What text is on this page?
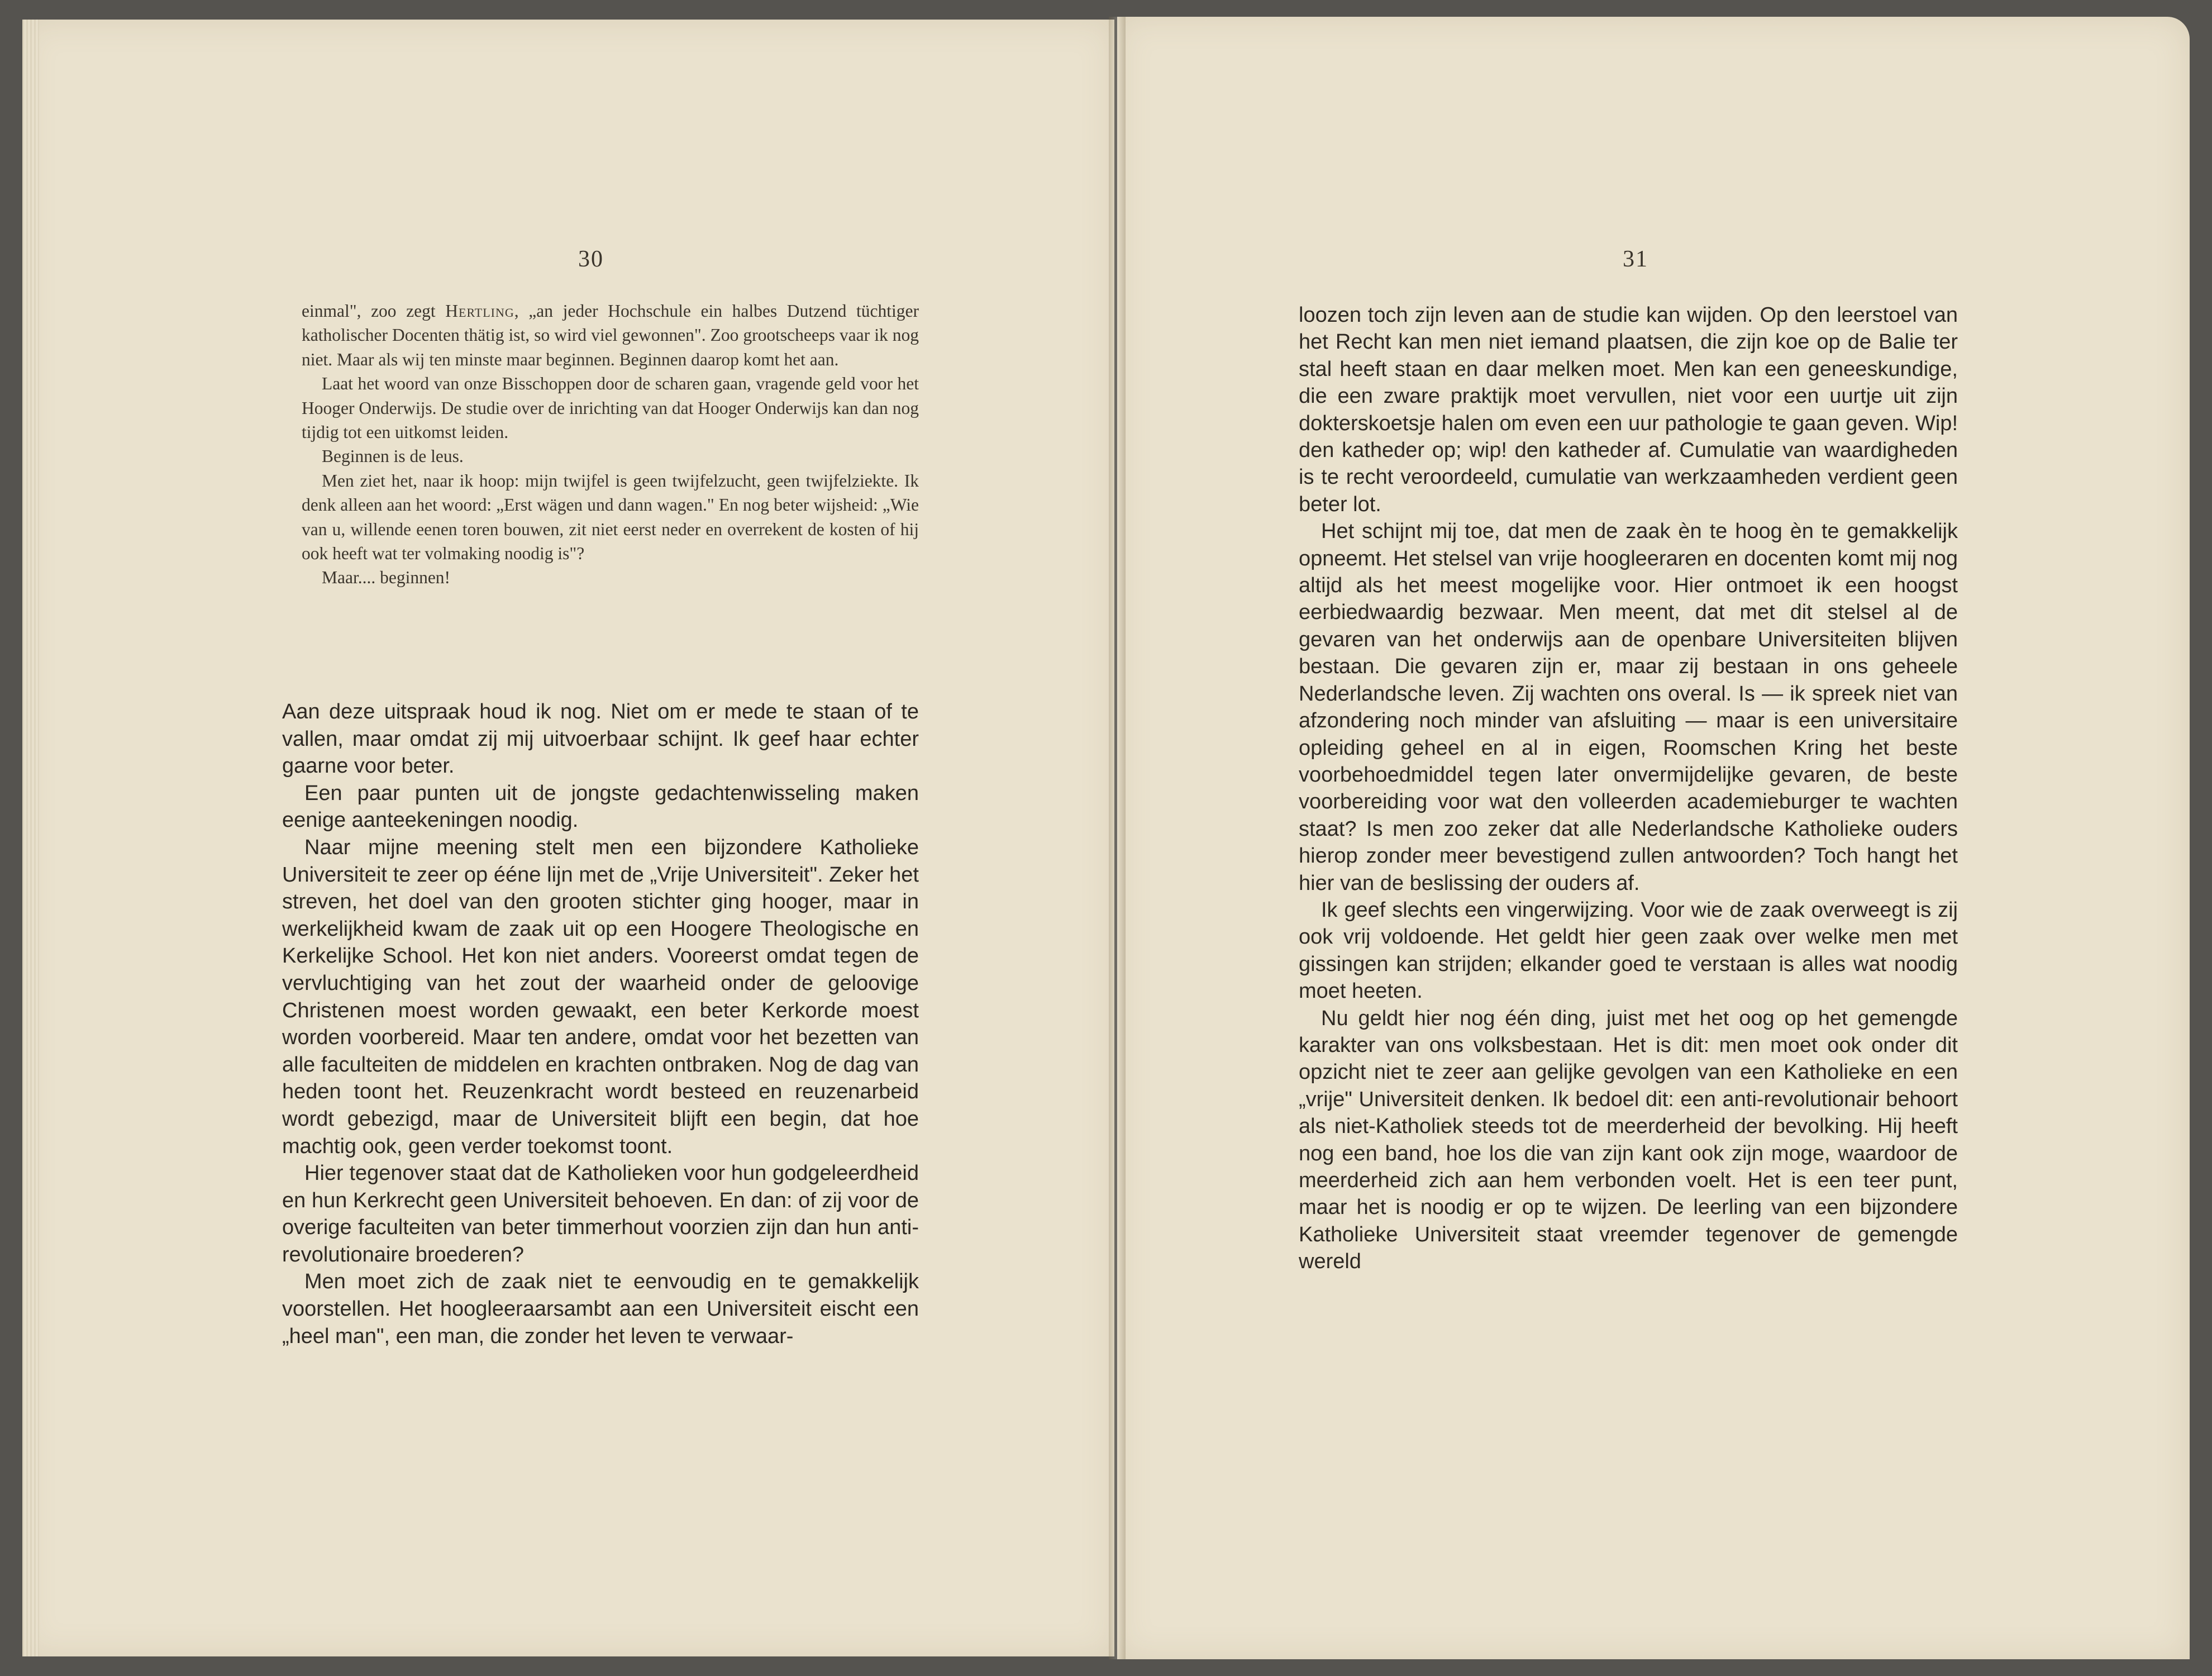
30

einmal", zoo zegt Hertling, „an jeder Hochschule ein halbes Dutzend tüchtiger katholischer Docenten thätig ist, so wird viel gewonnen". Zoo grootscheeps vaar ik nog niet. Maar als wij ten minste maar beginnen. Beginnen daarop komt het aan.

Laat het woord van onze Bisschoppen door de scharen gaan, vragende geld voor het Hooger Onderwijs. De studie over de inrichting van dat Hooger Onderwijs kan dan nog tijdig tot een uitkomst leiden.

Beginnen is de leus.

Men ziet het, naar ik hoop: mijn twijfel is geen twijfelzucht, geen twijfelziekte. Ik denk alleen aan het woord: „Erst wägen und dann wagen." En nog beter wijsheid: „Wie van u, willende eenen toren bouwen, zit niet eerst neder en overrekent de kosten of hij ook heeft wat ter volmaking noodig is"?

Maar.... beginnen!

Aan deze uitspraak houd ik nog. Niet om er mede te staan of te vallen, maar omdat zij mij uitvoerbaar schijnt. Ik geef haar echter gaarne voor beter.

Een paar punten uit de jongste gedachtenwisseling maken eenige aanteekeningen noodig.

Naar mijne meening stelt men een bijzondere Katholieke Universiteit te zeer op ééne lijn met de „Vrije Universiteit". Zeker het streven, het doel van den grooten stichter ging hooger, maar in werkelijkheid kwam de zaak uit op een Hoogere Theologische en Kerkelijke School. Het kon niet anders. Vooreerst omdat tegen de vervluchtiging van het zout der waarheid onder de geloovige Christenen moest worden gewaakt, een beter Kerkorde moest worden voorbereid. Maar ten andere, omdat voor het bezetten van alle faculteiten de middelen en krachten ontbraken. Nog de dag van heden toont het. Reuzenkracht wordt besteed en reuzenarbeid wordt gebezigd, maar de Universiteit blijft een begin, dat hoe machtig ook, geen verder toekomst toont.

Hier tegenover staat dat de Katholieken voor hun godgeleerdheid en hun Kerkrecht geen Universiteit behoeven. En dan: of zij voor de overige faculteiten van beter timmerhout voorzien zijn dan hun anti-revolutionaire broederen?

Men moet zich de zaak niet te eenvoudig en te gemakkelijk voorstellen. Het hoogleeraarsambt aan een Universiteit eischt een „heel man", een man, die zonder het leven te verwaar-

31

loozen toch zijn leven aan de studie kan wijden. Op den leerstoel van het Recht kan men niet iemand plaatsen, die zijn koe op de Balie ter stal heeft staan en daar melken moet. Men kan een geneeskundige, die een zware praktijk moet vervullen, niet voor een uurtje uit zijn dokterskoetsje halen om even een uur pathologie te gaan geven. Wip! den katheder op; wip! den katheder af. Cumulatie van waardigheden is te recht veroordeeld, cumulatie van werkzaamheden verdient geen beter lot.

Het schijnt mij toe, dat men de zaak èn te hoog èn te gemakkelijk opneemt. Het stelsel van vrije hoogleeraren en docenten komt mij nog altijd als het meest mogelijke voor. Hier ontmoet ik een hoogst eerbiedwaardig bezwaar. Men meent, dat met dit stelsel al de gevaren van het onderwijs aan de openbare Universiteiten blijven bestaan. Die gevaren zijn er, maar zij bestaan in ons geheele Nederlandsche leven. Zij wachten ons overal. Is — ik spreek niet van afzondering noch minder van afsluiting — maar is een universitaire opleiding geheel en al in eigen, Roomschen Kring het beste voorbehoedmiddel tegen later onvermijdelijke gevaren, de beste voorbereiding voor wat den volleerden academieburger te wachten staat? Is men zoo zeker dat alle Nederlandsche Katholieke ouders hierop zonder meer bevestigend zullen antwoorden? Toch hangt het hier van de beslissing der ouders af.

Ik geef slechts een vingerwijzing. Voor wie de zaak overweegt is zij ook vrij voldoende. Het geldt hier geen zaak over welke men met gissingen kan strijden; elkander goed te verstaan is alles wat noodig moet heeten.

Nu geldt hier nog één ding, juist met het oog op het gemengde karakter van ons volksbestaan. Het is dit: men moet ook onder dit opzicht niet te zeer aan gelijke gevolgen van een Katholieke en een „vrije" Universiteit denken. Ik bedoel dit: een anti-revolutionair behoort als niet-Katholiek steeds tot de meerderheid der bevolking. Hij heeft nog een band, hoe los die van zijn kant ook zijn moge, waardoor de meerderheid zich aan hem verbonden voelt. Het is een teer punt, maar het is noodig er op te wijzen. De leerling van een bijzondere Katholieke Universiteit staat vreemder tegenover de gemengde wereld
